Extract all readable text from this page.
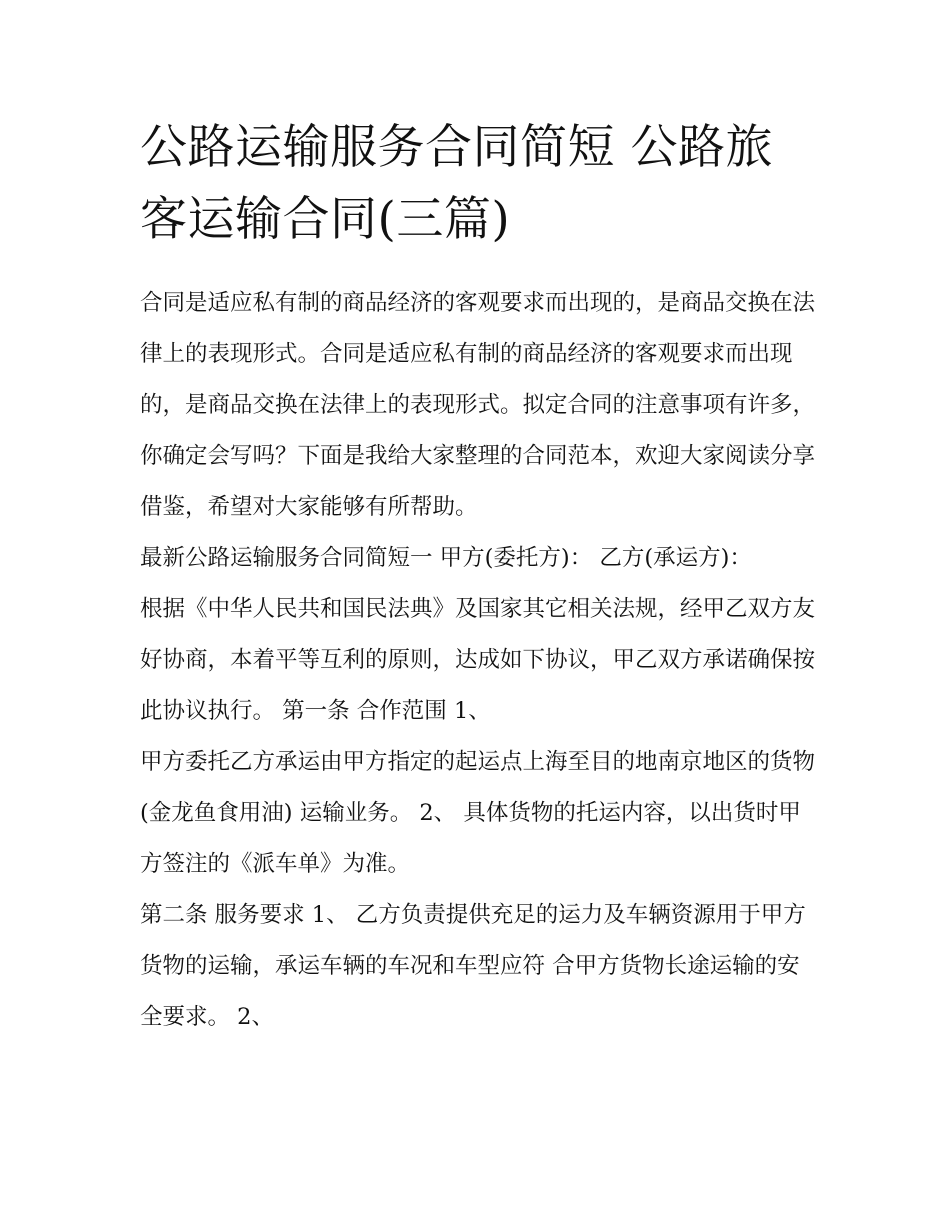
公路运输服务合同简短 公路旅客运输合同(三篇)

合同是适应私有制的商品经济的客观要求而出现的，是商品交换在法律上的表现形式。合同是适应私有制的商品经济的客观要求而出现的，是商品交换在法律上的表现形式。拟定合同的注意事项有许多，你确定会写吗？下面是我给大家整理的合同范本，欢迎大家阅读分享借鉴，希望对大家能够有所帮助。

最新公路运输服务合同简短一 甲方(委托方)： 乙方(承运方)：

根据《中华人民共和国民法典》及国家其它相关法规，经甲乙双方友好协商，本着平等互利的原则，达成如下协议，甲乙双方承诺确保按此协议执行。 第一条 合作范围 1、

甲方委托乙方承运由甲方指定的起运点上海至目的地南京地区的货物(金龙鱼食用油) 运输业务。 2、 具体货物的托运内容，以出货时甲方签注的《派车单》为准。

第二条 服务要求 1、 乙方负责提供充足的运力及车辆资源用于甲方货物的运输，承运车辆的车况和车型应符 合甲方货物长途运输的安全要求。 2、
